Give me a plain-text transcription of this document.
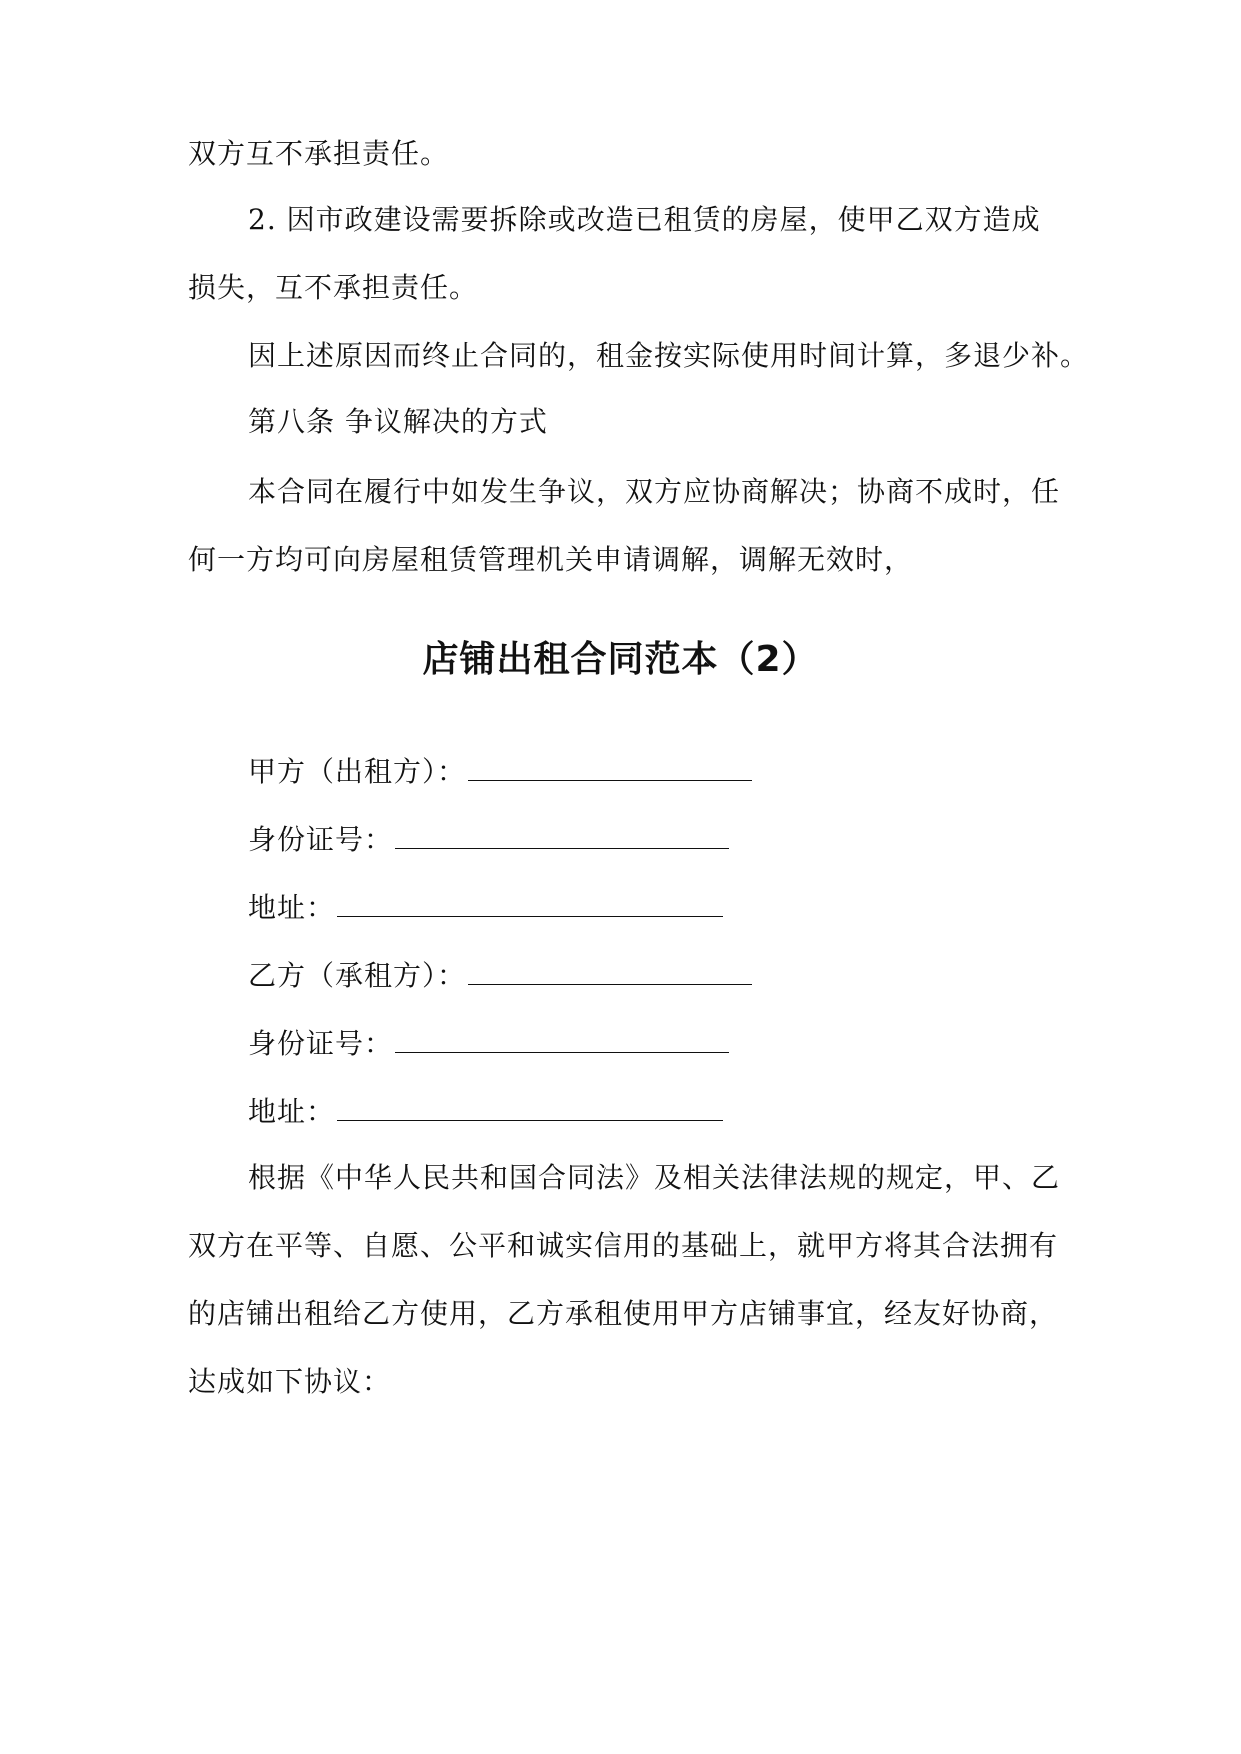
双方互不承担责任。
2. 因市政建设需要拆除或改造已租赁的房屋，使甲乙双方造成
损失，互不承担责任。
因上述原因而终止合同的，租金按实际使用时间计算，多退少补。
第八条 争议解决的方式
本合同在履行中如发生争议，双方应协商解决；协商不成时，任
何一方均可向房屋租赁管理机关申请调解，调解无效时，
店铺出租合同范本（2）
甲方（出租方）：
身份证号：
地址：
乙方（承租方）：
身份证号：
地址：
根据《中华人民共和国合同法》及相关法律法规的规定，甲、乙
双方在平等、自愿、公平和诚实信用的基础上，就甲方将其合法拥有
的店铺出租给乙方使用，乙方承租使用甲方店铺事宜，经友好协商，
达成如下协议：
